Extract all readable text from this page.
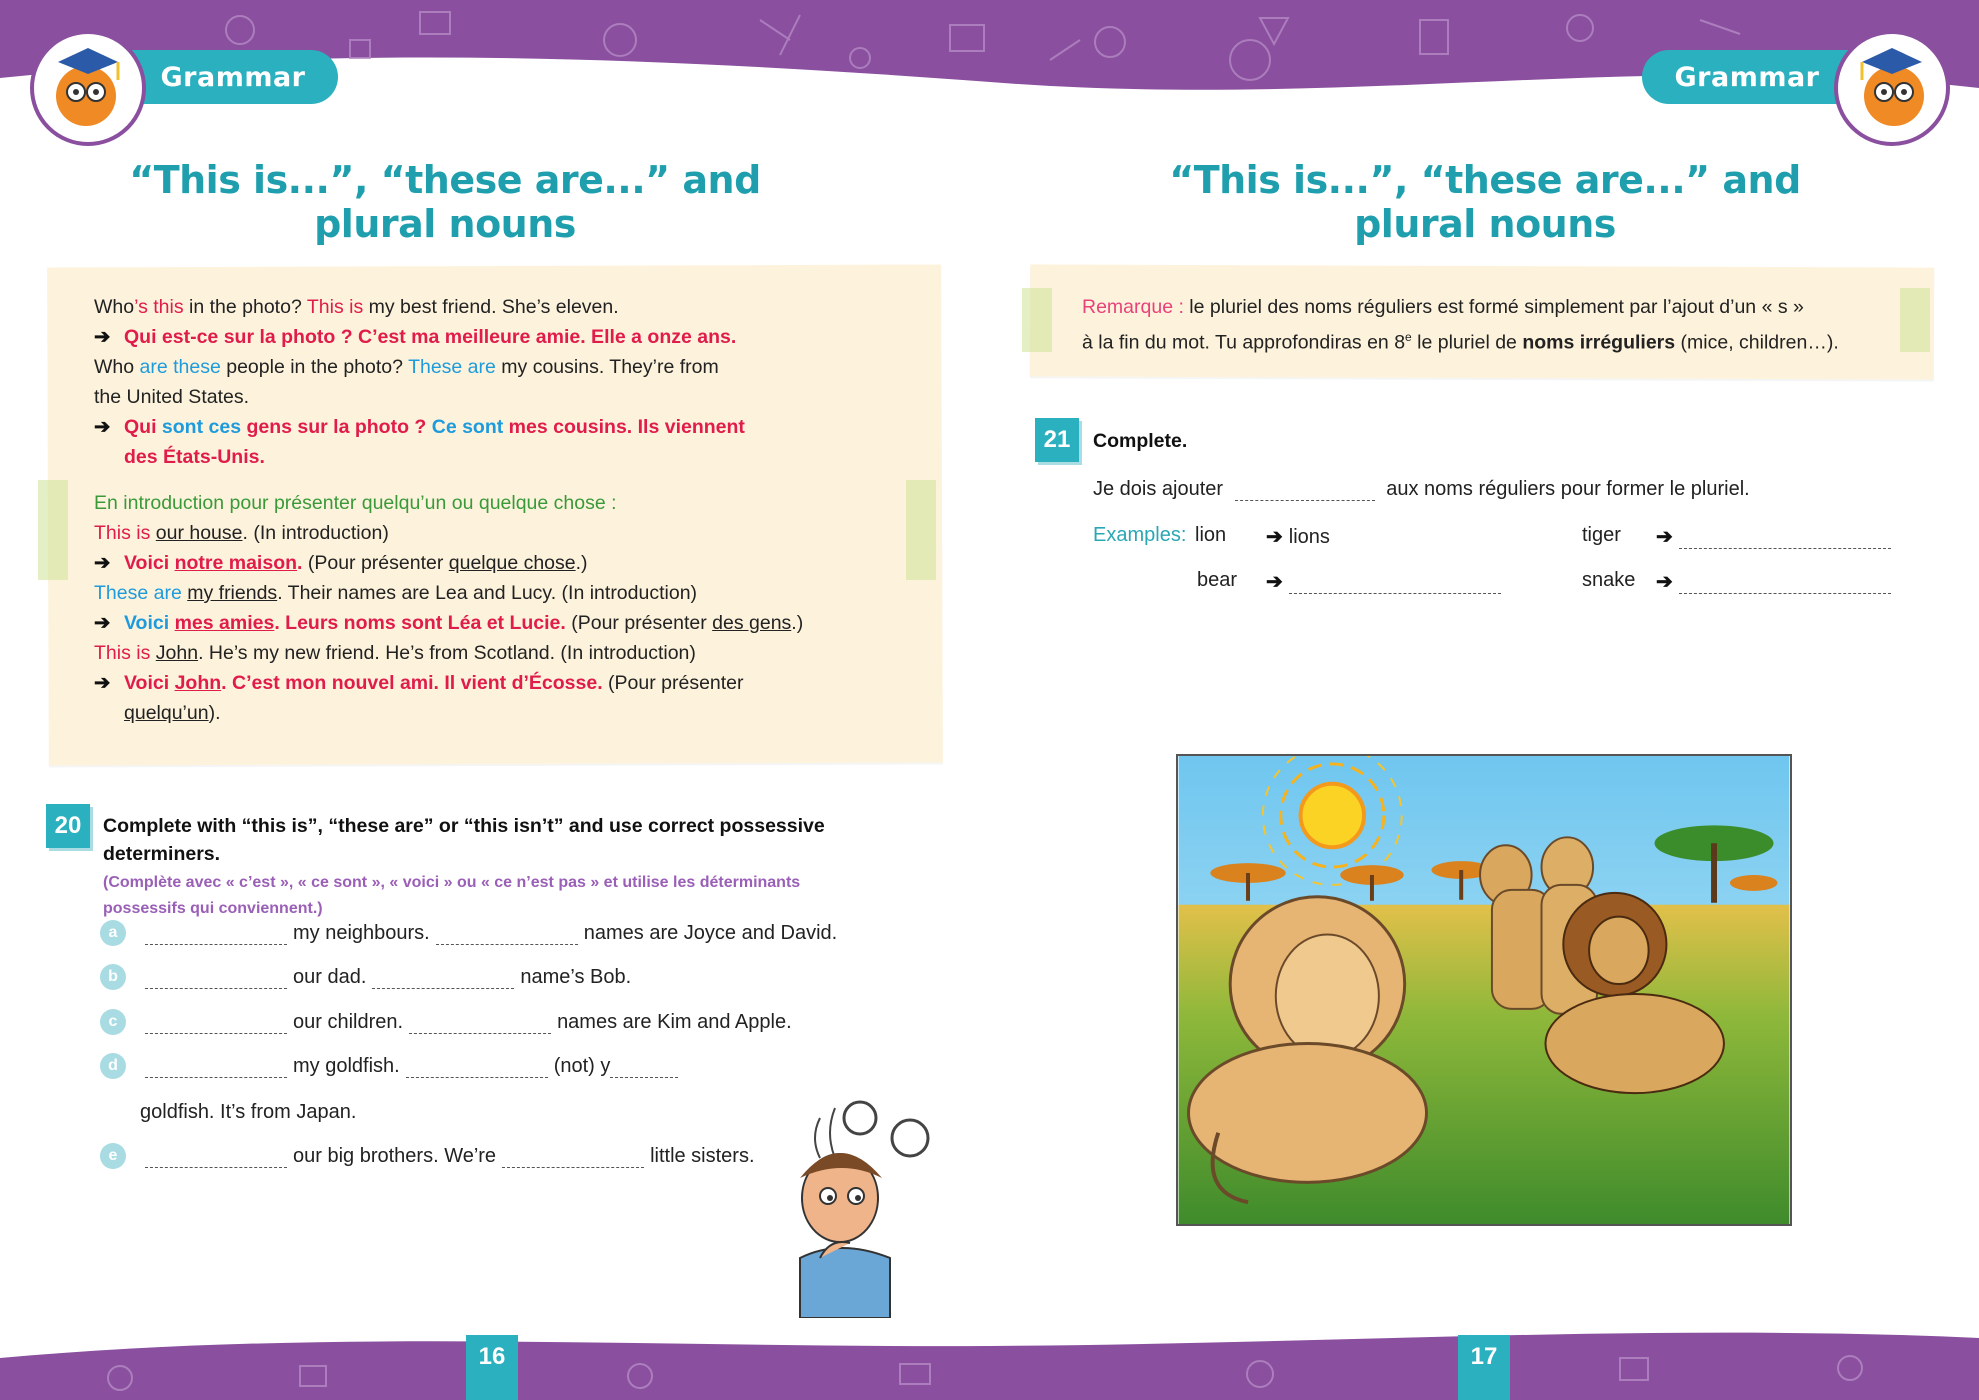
Grammar	Grammar
“This is...”, “these are...” and plural nouns
“This is...”, “these are...” and plural nouns
Who’s this in the photo? This is my best friend. She’s eleven.
➔ Qui est-ce sur la photo ? C’est ma meilleure amie. Elle a onze ans.
Who are these people in the photo? These are my cousins. They’re from
the United States.
➔ Qui sont ces gens sur la photo ? Ce sont mes cousins. Ils viennent
des États-Unis.
En introduction pour présenter quelqu’un ou quelque chose :
This is our house. (In introduction)
➔ Voici notre maison. (Pour présenter quelque chose.)
These are my friends. Their names are Lea and Lucy. (In introduction)
➔ Voici mes amies. Leurs noms sont Léa et Lucie. (Pour présenter des gens.)
This is John. He’s my new friend. He’s from Scotland. (In introduction)
➔ Voici John. C’est mon nouvel ami. Il vient d’Écosse. (Pour présenter
quelqu’un).
20	Complete with “this is”, “these are” or “this isn’t” and use correct possessive determiners.
(Complète avec « c’est », « ce sont », « voici » ou « ce n’est pas » et utilise les déterminants possessifs qui conviennent.)
a	my neighbours.	names are Joyce and David.
b	our dad.	name’s Bob.
c	our children.	names are Kim and Apple.
d	my goldfish.	(not) y
goldfish. It’s from Japan.
e	our big brothers. We’re	little sisters.
Remarque : le pluriel des noms réguliers est formé simplement par l’ajout d’un « s »
à la fin du mot. Tu approfondiras en 8e le pluriel de noms irréguliers (mice, children…).
21	Complete.
Je dois ajouter	aux noms réguliers pour former le pluriel.
Examples: lion ➔ lions	tiger ➔
bear ➔	snake ➔
16	17
